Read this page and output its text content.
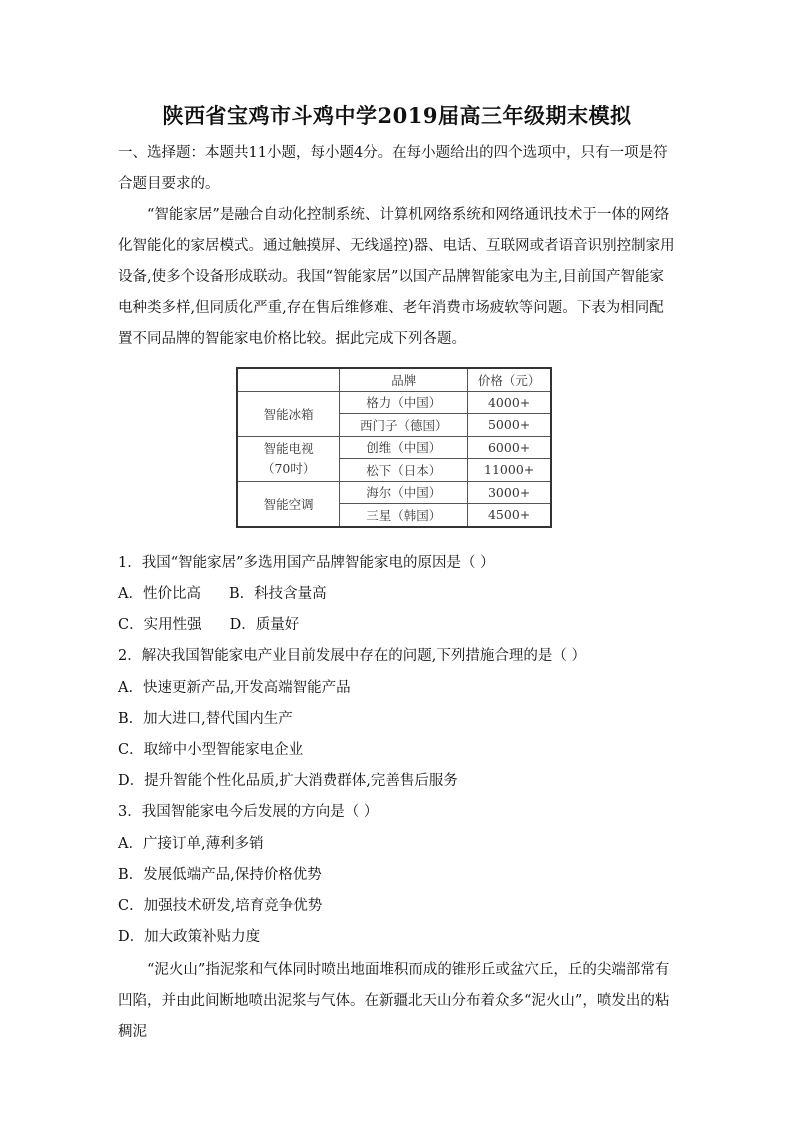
陕西省宝鸡市斗鸡中学2019届高三年级期末模拟
一、选择题：本题共11小题，每小题4分。在每小题给出的四个选项中，只有一项是符合题目要求的。
“智能家居”是融合自动化控制系统、计算机网络系统和网络通讯技术于一体的网络化智能化的家居模式。通过触摸屏、无线遥控)器、电话、互联网或者语音识别控制家用设备,使多个设备形成联动。我国“智能家居”以国产品牌智能家电为主,目前国产智能家电种类多样,但同质化严重,存在售后维修难、老年消费市场疲软等问题。下表为相同配置不同品牌的智能家电价格比较。据此完成下列各题。
	品牌	价格（元）
智能冰箱	格力（中国）	4000+
	西门子（德国）	5000+
智能电视
（70吋）	创维（中国）	6000+
	松下（日本）	11000+
智能空调	海尔（中国）	3000+
	三星（韩国）	4500+
1．我国“智能家居”多选用国产品牌智能家电的原因是（ ）
A．性价比高 B．科技含量高
C．实用性强 D．质量好
2．解决我国智能家电产业目前发展中存在的问题,下列措施合理的是（ ）
A．快速更新产品,开发高端智能产品
B．加大进口,替代国内生产
C．取缔中小型智能家电企业
D．提升智能个性化品质,扩大消费群体,完善售后服务
3．我国智能家电今后发展的方向是（ ）
A．广接订单,薄利多销
B．发展低端产品,保持价格优势
C．加强技术研发,培育竞争优势
D．加大政策补贴力度
“泥火山”指泥浆和气体同时喷出地面堆积而成的锥形丘或盆穴丘，丘的尖端部常有凹陷，并由此间断地喷出泥浆与气体。在新疆北天山分布着众多“泥火山”，喷发出的粘稠泥
